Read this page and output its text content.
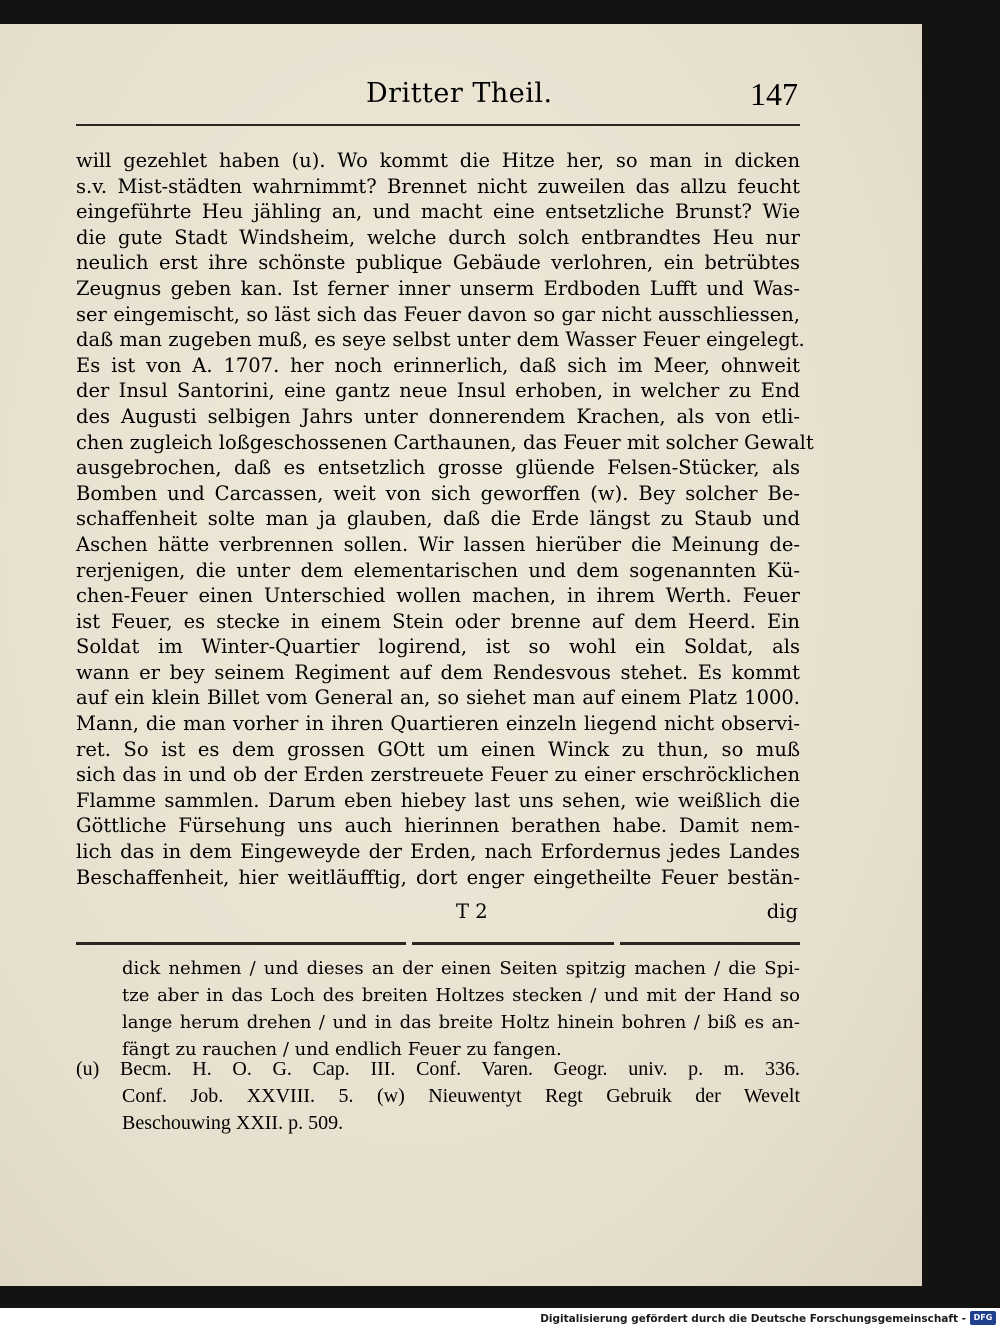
Dritter Theil.	147
will gezehlet haben (u). Wo kommt die Hitze her, so man in dicken
s.v. Mist-städten wahrnimmt? Brennet nicht zuweilen das allzu feucht
eingeführte Heu jähling an, und macht eine entsetzliche Brunst? Wie
die gute Stadt Windsheim, welche durch solch entbrandtes Heu nur
neulich erst ihre schönste publique Gebäude verlohren, ein betrübtes
Zeugnus geben kan. Ist ferner inner unserm Erdboden Lufft und Was-
ser eingemischt, so läst sich das Feuer davon so gar nicht ausschliessen,
daß man zugeben muß, es seye selbst unter dem Wasser Feuer eingelegt.
Es ist von A. 1707. her noch erinnerlich, daß sich im Meer, ohnweit
der Insul Santorini, eine gantz neue Insul erhoben, in welcher zu End
des Augusti selbigen Jahrs unter donnerendem Krachen, als von etli-
chen zugleich loßgeschossenen Carthaunen, das Feuer mit solcher Gewalt
ausgebrochen, daß es entsetzlich grosse glüende Felsen-Stücker, als
Bomben und Carcassen, weit von sich geworffen (w). Bey solcher Be-
schaffenheit solte man ja glauben, daß die Erde längst zu Staub und
Aschen hätte verbrennen sollen. Wir lassen hierüber die Meinung de-
rerjenigen, die unter dem elementarischen und dem sogenannten Kü-
chen-Feuer einen Unterschied wollen machen, in ihrem Werth. Feuer
ist Feuer, es stecke in einem Stein oder brenne auf dem Heerd. Ein
Soldat im Winter-Quartier logirend, ist so wohl ein Soldat, als
wann er bey seinem Regiment auf dem Rendesvous stehet. Es kommt
auf ein klein Billet vom General an, so siehet man auf einem Platz 1000.
Mann, die man vorher in ihren Quartieren einzeln liegend nicht observi-
ret. So ist es dem grossen GOtt um einen Winck zu thun, so muß
sich das in und ob der Erden zerstreuete Feuer zu einer erschröcklichen
Flamme sammlen. Darum eben hiebey last uns sehen, wie weißlich die
Göttliche Fürsehung uns auch hierinnen berathen habe. Damit nem-
lich das in dem Eingeweyde der Erden, nach Erfordernus jedes Landes
Beschaffenheit, hier weitläufftig, dort enger eingetheilte Feuer bestän-
T 2	dig
dick nehmen / und dieses an der einen Seiten spitzig machen / die Spi-
tze aber in das Loch des breiten Holtzes stecken / und mit der Hand so
lange herum drehen / und in das breite Holtz hinein bohren / biß es an-
fängt zu rauchen / und endlich Feuer zu fangen.
(u) Becm. H. O. G. Cap. III. Conf. Varen. Geogr. univ. p. m. 336.
Conf. Job. XXVIII. 5. (w) Nieuwentyt Regt Gebruik der Wevelt
Beschouwing XXII. p. 509.
Digitalisierung gefördert durch die Deutsche Forschungsgemeinschaft - DFG
